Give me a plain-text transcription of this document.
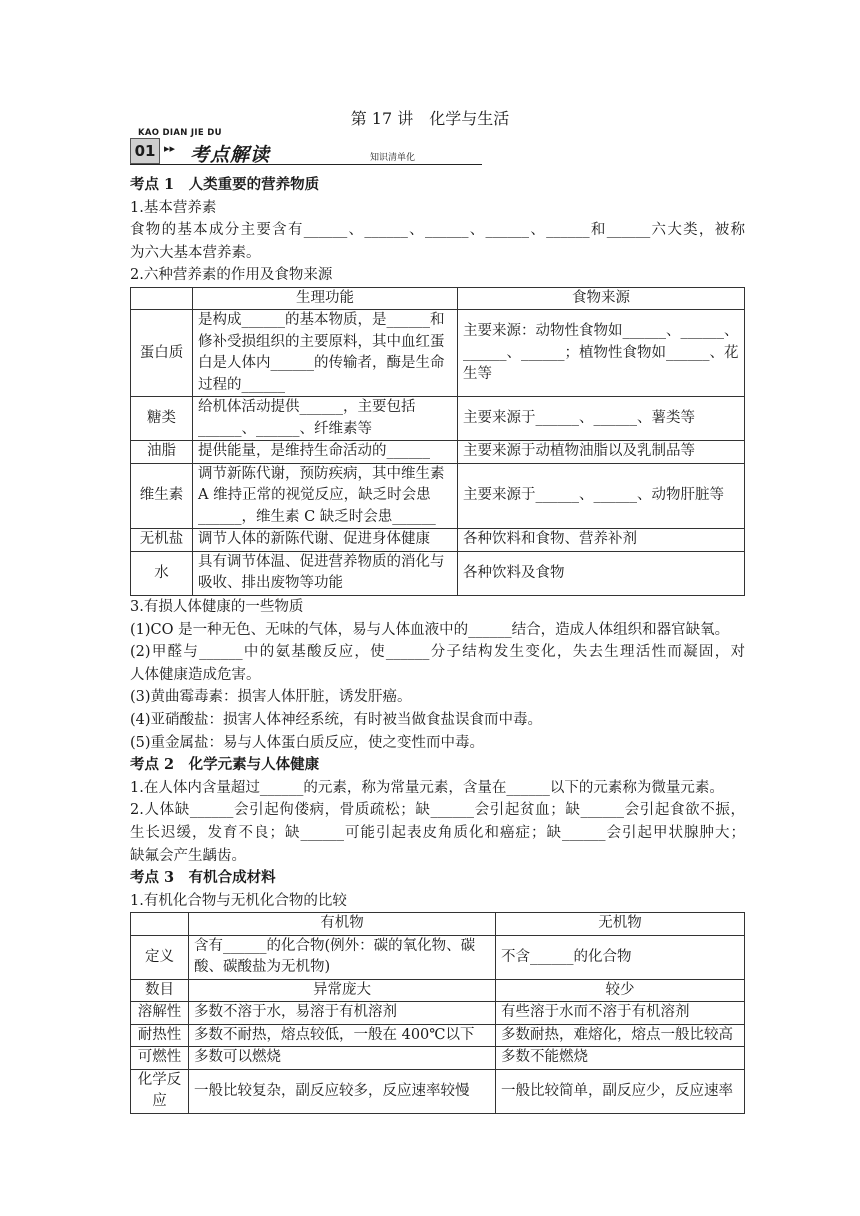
第 17 讲　化学与生活
KAO DIAN JIE DU
01 ▸▸ 考点解读	知识清单化

考点 1　人类重要的营养物质

1.基本营养素

食物的基本成分主要含有______、______、______、______、______和______六大类，被称

为六大基本营养素。

2.六种营养素的作用及食物来源

	生理功能	食物来源
蛋白质	是构成______的基本物质，是______和修补受损组织的主要原料，其中血红蛋白是人体内______的传输者，酶是生命过程的______	主要来源：动物性食物如______、______、______、______；植物性食物如______、花生等
糖类	给机体活动提供______，主要包括______、______、纤维素等	主要来源于______、______、薯类等
油脂	提供能量，是维持生命活动的______	主要来源于动植物油脂以及乳制品等
维生素	调节新陈代谢，预防疾病，其中维生素 A 维持正常的视觉反应，缺乏时会患______，维生素 C 缺乏时会患______	主要来源于______、______、动物肝脏等
无机盐	调节人体的新陈代谢、促进身体健康	各种饮料和食物、营养补剂
水	具有调节体温、促进营养物质的消化与吸收、排出废物等功能	各种饮料及食物

3.有损人体健康的一些物质

(1)CO 是一种无色、无味的气体，易与人体血液中的______结合，造成人体组织和器官缺氧。

(2)甲醛与______中的氨基酸反应，使______分子结构发生变化，失去生理活性而凝固，对

人体健康造成危害。

(3)黄曲霉毒素：损害人体肝脏，诱发肝癌。

(4)亚硝酸盐：损害人体神经系统，有时被当做食盐误食而中毒。

(5)重金属盐：易与人体蛋白质反应，使之变性而中毒。

考点 2　化学元素与人体健康

1.在人体内含量超过______的元素，称为常量元素，含量在______以下的元素称为微量元素。

2.人体缺______会引起佝偻病，骨质疏松；缺______会引起贫血；缺______会引起食欲不振，

生长迟缓，发育不良；缺______可能引起表皮角质化和癌症；缺______会引起甲状腺肿大；

缺氟会产生龋齿。

考点 3　有机合成材料

1.有机化合物与无机化合物的比较

	有机物	无机物
定义	含有______的化合物(例外：碳的氧化物、碳酸、碳酸盐为无机物)	不含______的化合物
数目	异常庞大	较少
溶解性	多数不溶于水，易溶于有机溶剂	有些溶于水而不溶于有机溶剂
耐热性	多数不耐热，熔点较低，一般在 400℃以下	多数耐热，难熔化，熔点一般比较高
可燃性	多数可以燃烧	多数不能燃烧
化学反应	一般比较复杂，副反应较多，反应速率较慢	一般比较简单，副反应少，反应速率
